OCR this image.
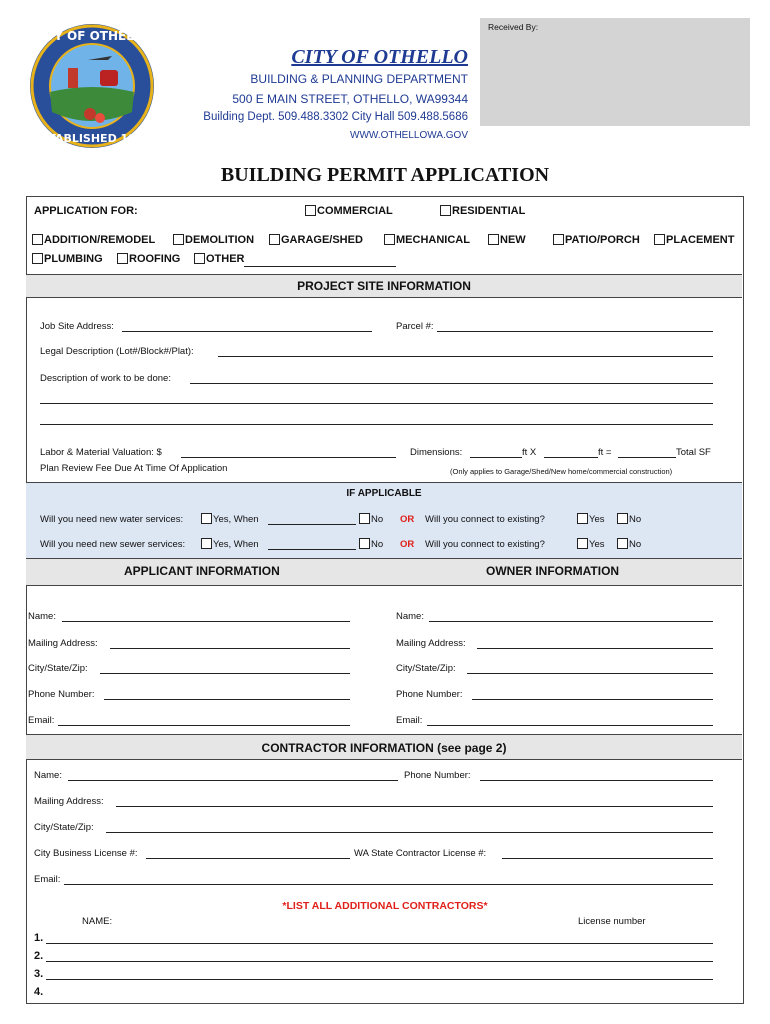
Received By:
CITY OF OTHELLO
ESTABLISHED 1910
CITY OF OTHELLO
BUILDING & PLANNING DEPARTMENT
500 E MAIN STREET, OTHELLO, WA99344
Building Dept. 509.488.3302 City Hall 509.488.5686
WWW.OTHELLOWA.GOV
BUILDING PERMIT APPLICATION
APPLICATION FOR:	COMMERCIAL	RESIDENTIAL
ADDITION/REMODEL	DEMOLITION	GARAGE/SHED	MECHANICAL	NEW	PATIO/PORCH	PLACEMENT
PLUMBING	ROOFING	OTHER
PROJECT SITE INFORMATION
Job Site Address:	Parcel #:
Legal Description (Lot#/Block#/Plat):
Description of work to be done:
Labor & Material Valuation: $	Dimensions:	ft X	ft =	Total SF
Plan Review Fee Due At Time Of Application	(Only applies to Garage/Shed/New home/commercial construction)
IF APPLICABLE
Will you need new water services:	Yes, When	No OR Will you connect to existing?	Yes	No
Will you need new sewer services:	Yes, When	No OR Will you connect to existing?	Yes	No
APPLICANT INFORMATION	OWNER INFORMATION
Name:	Name:
Mailing Address:	Mailing Address:
City/State/Zip:	City/State/Zip:
Phone Number:	Phone Number:
Email:	Email:
CONTRACTOR INFORMATION (see page 2)
Name:	Phone Number:
Mailing Address:
City/State/Zip:
City Business License #:	WA State Contractor License #:
Email:
*LIST ALL ADDITIONAL CONTRACTORS*
NAME:	License number
1.
2.
3.
4.
